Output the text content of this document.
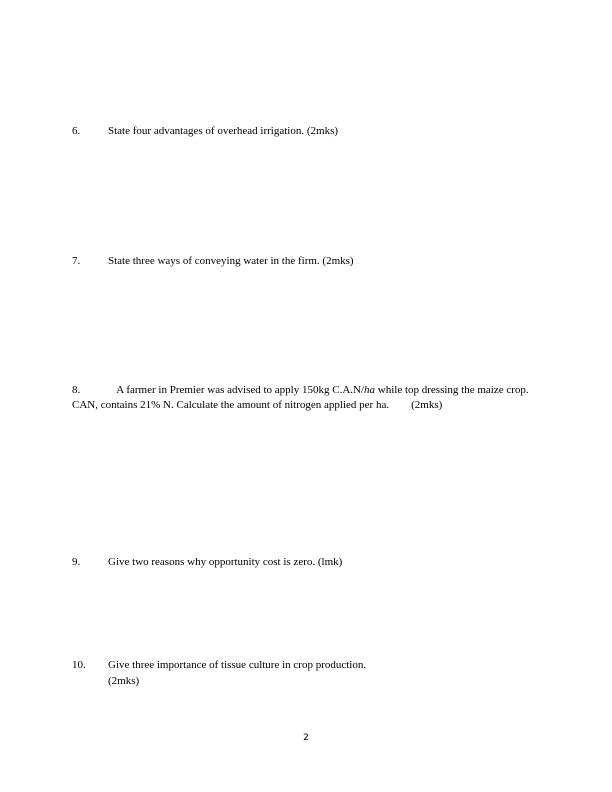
6.	State four advantages of overhead irrigation. (2mks)
7.	State three ways of conveying water in the firm. (2mks)
8.	A farmer in Premier was advised to apply 150kg C.A.N/ha while top dressing the maize crop. CAN, contains 21% N. Calculate the amount of nitrogen applied per ha. (2mks)
9.	Give two reasons why opportunity cost is zero. (lmk)
10. Give three importance of tissue culture in crop production.
(2mks)
2
